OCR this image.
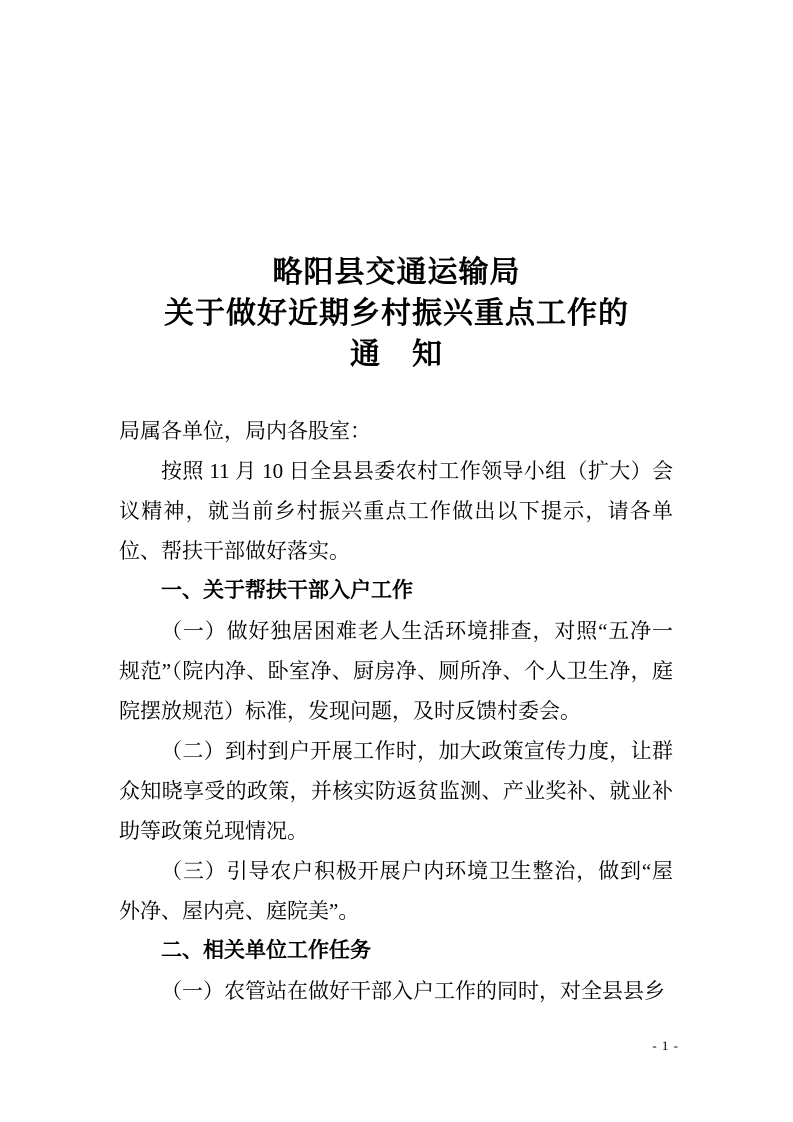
略阳县交通运输局
关于做好近期乡村振兴重点工作的
通　知

局属各单位，局内各股室：

按照 11 月 10 日全县县委农村工作领导小组（扩大）会议精神，就当前乡村振兴重点工作做出以下提示，请各单位、帮扶干部做好落实。

一、关于帮扶干部入户工作

（一）做好独居困难老人生活环境排查，对照“五净一规范”（院内净、卧室净、厨房净、厕所净、个人卫生净，庭院摆放规范）标准，发现问题，及时反馈村委会。

（二）到村到户开展工作时，加大政策宣传力度，让群众知晓享受的政策，并核实防返贫监测、产业奖补、就业补助等政策兑现情况。

（三）引导农户积极开展户内环境卫生整治，做到“屋外净、屋内亮、庭院美”。

二、相关单位工作任务

（一）农管站在做好干部入户工作的同时，对全县县乡

- 1 -
